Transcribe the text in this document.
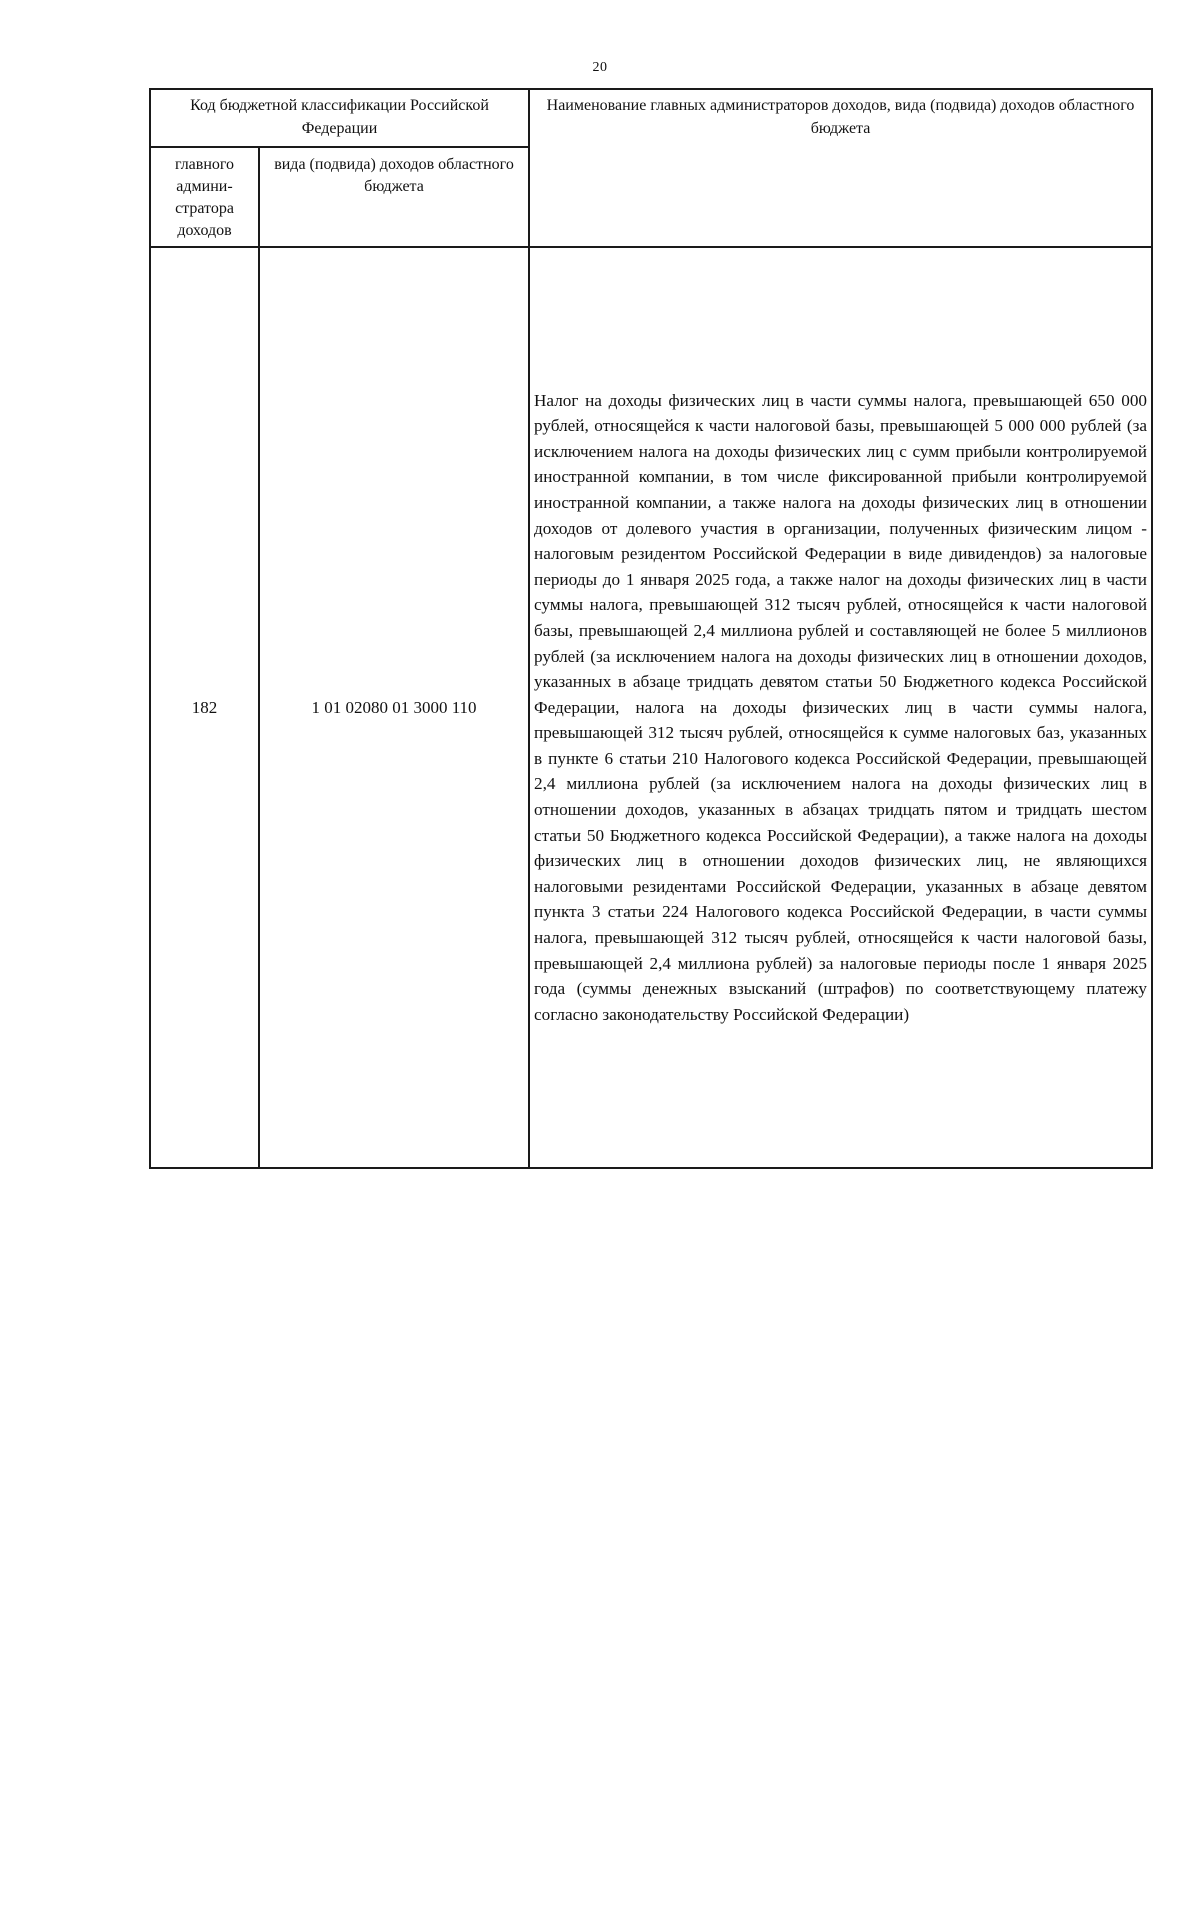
20
Код бюджетной классификации Российской Федерации		Наименование главных администраторов доходов, вида (подвида) доходов областного бюджета
главного админи-стратора доходов	вида (подвида) доходов областного бюджета	
182	1 01 02080 01 3000 110	Налог на доходы физических лиц в части суммы налога, превышающей 650 000 рублей, относящейся к части налоговой базы, превышающей 5 000 000 рублей (за исключением налога на доходы физических лиц с сумм прибыли контролируемой иностранной компании, в том числе фиксированной прибыли контролируемой иностранной компании, а также налога на доходы физических лиц в отношении доходов от долевого участия в организации, полученных физическим лицом - налоговым резидентом Российской Федерации в виде дивидендов) за налоговые периоды до 1 января 2025 года, а также налог на доходы физических лиц в части суммы налога, превышающей 312 тысяч рублей, относящейся к части налоговой базы, превышающей 2,4 миллиона рублей и составляющей не более 5 миллионов рублей (за исключением налога на доходы физических лиц в отношении доходов, указанных в абзаце тридцать девятом статьи 50 Бюджетного кодекса Российской Федерации, налога на доходы физических лиц в части суммы налога, превышающей 312 тысяч рублей, относящейся к сумме налоговых баз, указанных в пункте 6 статьи 210 Налогового кодекса Российской Федерации, превышающей 2,4 миллиона рублей (за исключением налога на доходы физических лиц в отношении доходов, указанных в абзацах тридцать пятом и тридцать шестом статьи 50 Бюджетного кодекса Российской Федерации), а также налога на доходы физических лиц в отношении доходов физических лиц, не являющихся налоговыми резидентами Российской Федерации, указанных в абзаце девятом пункта 3 статьи 224 Налогового кодекса Российской Федерации, в части суммы налога, превышающей 312 тысяч рублей, относящейся к части налоговой базы, превышающей 2,4 миллиона рублей) за налоговые периоды после 1 января 2025 года (суммы денежных взысканий (штрафов) по соответствующему платежу согласно законодательству Российской Федерации)
